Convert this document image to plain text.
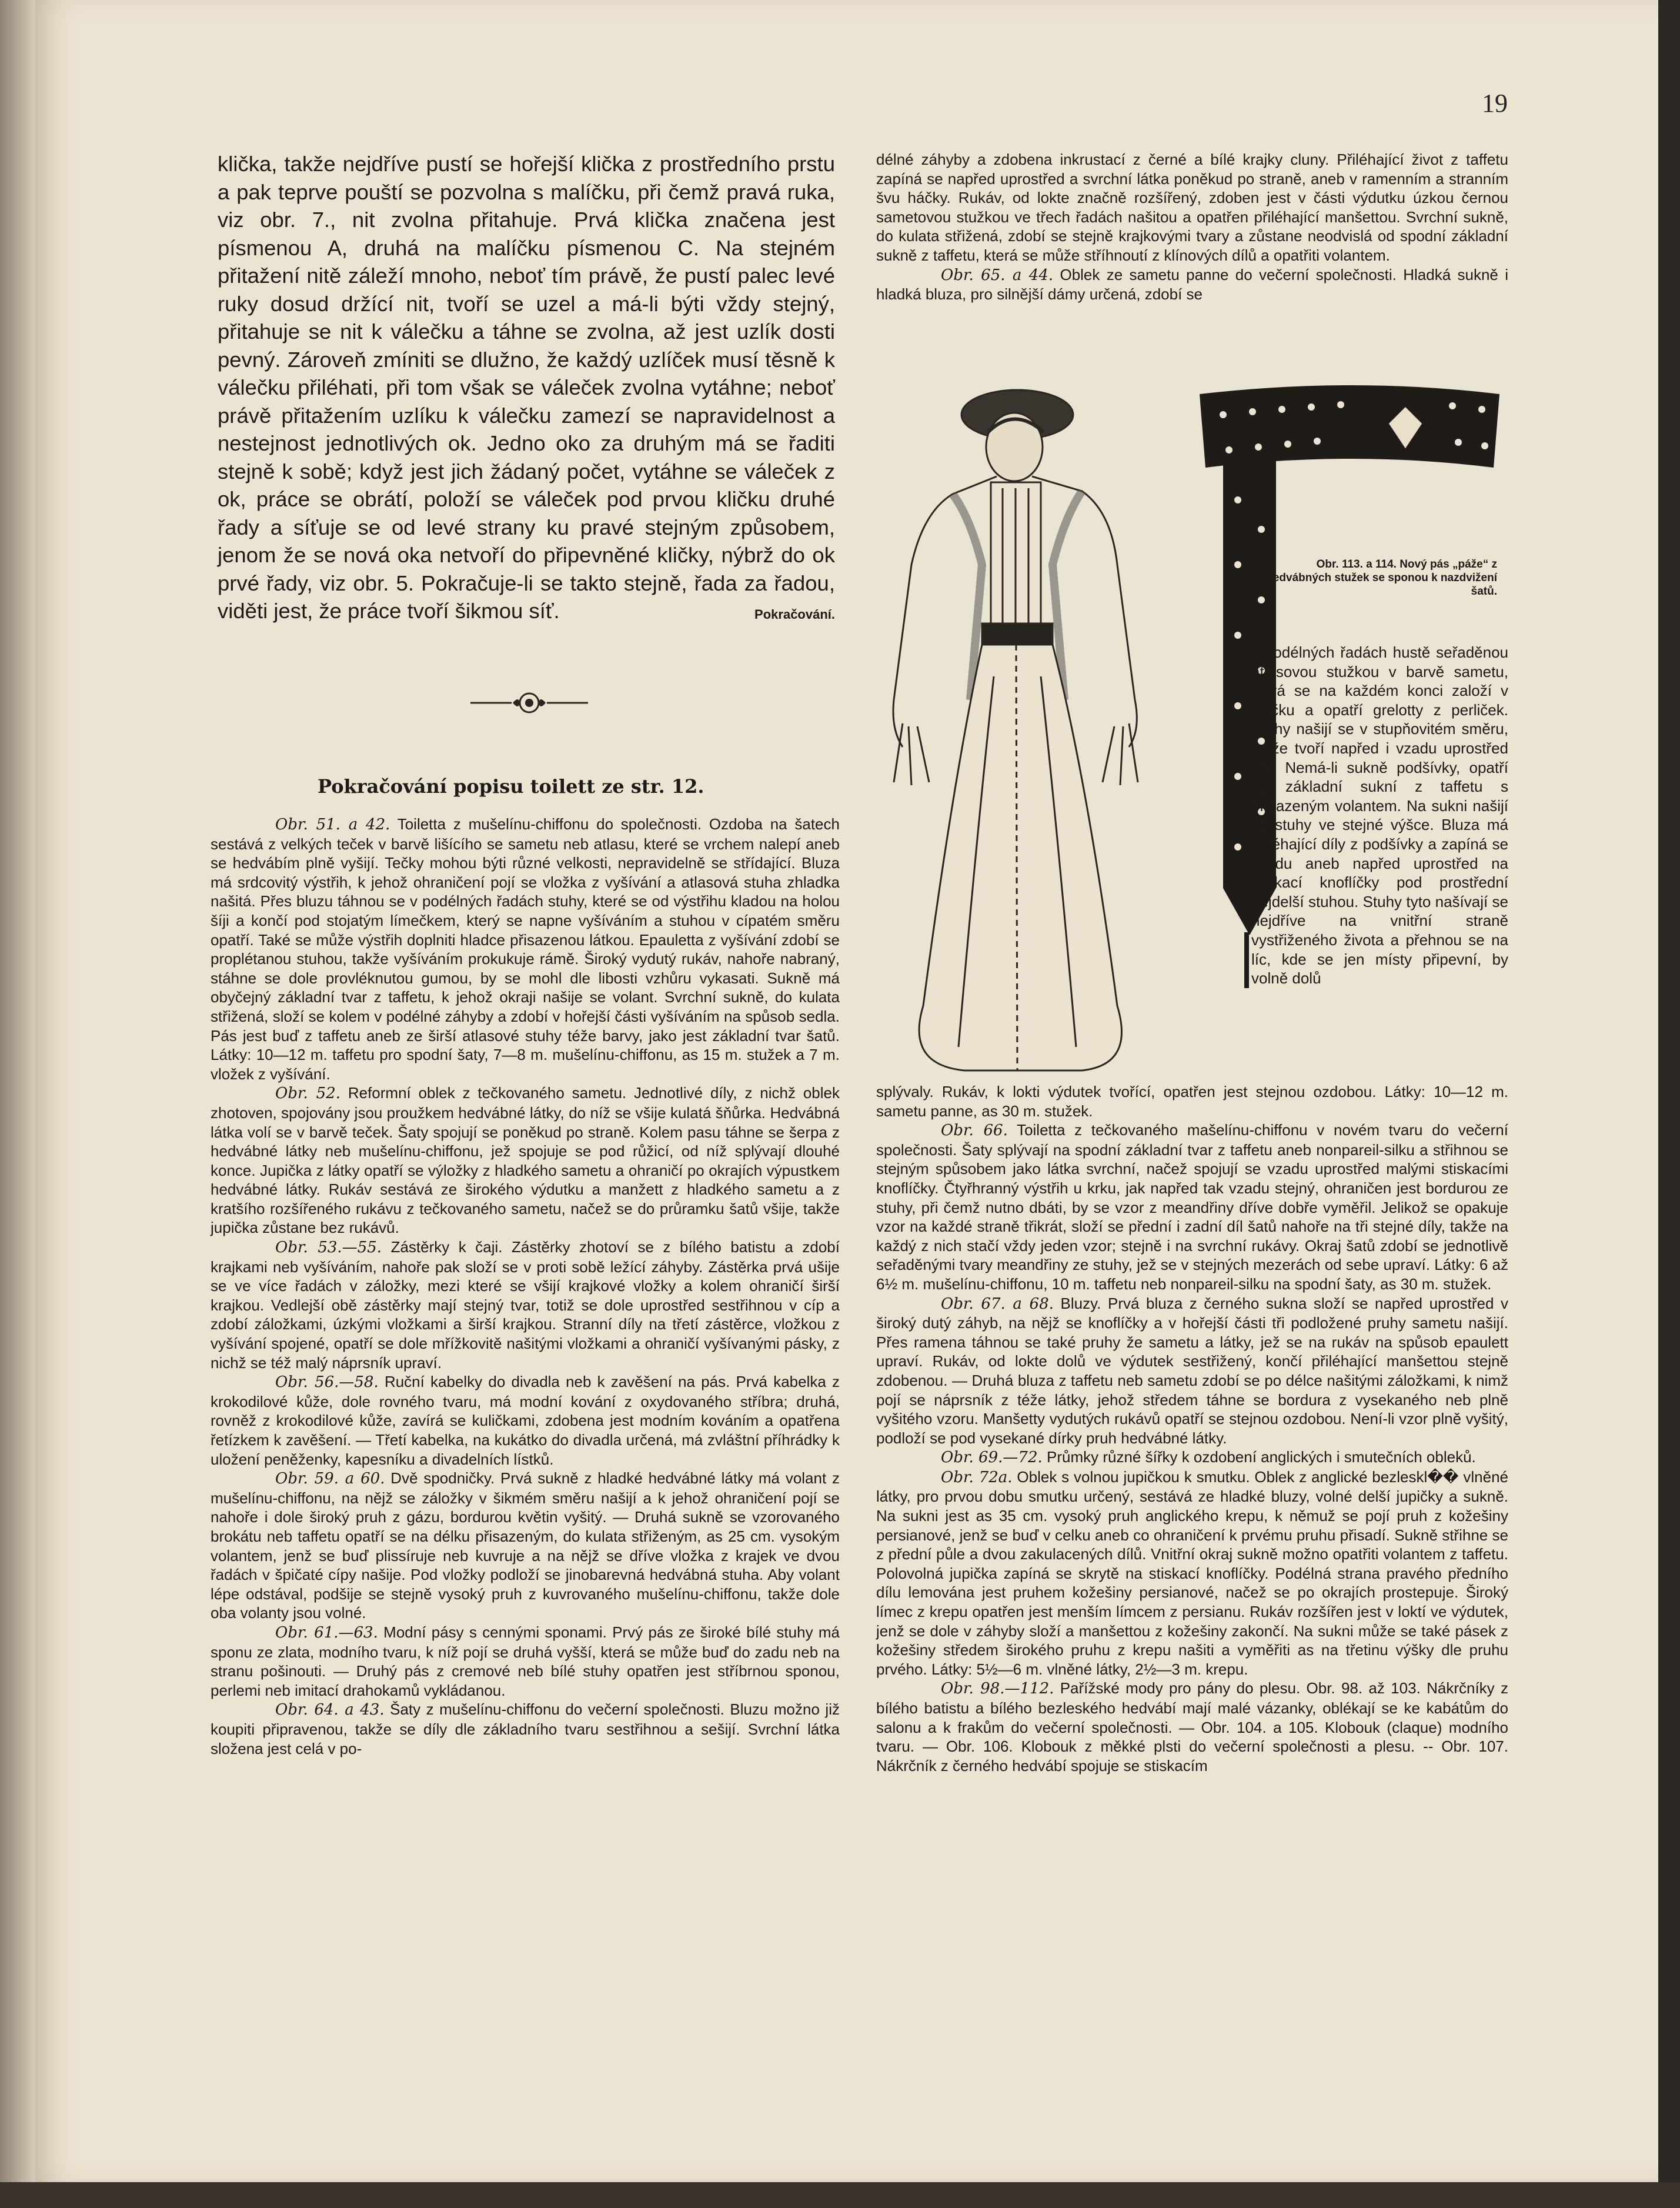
19

klička, takže nejdříve pustí se hořejší klička z prostředního prstu a pak teprve pouští se pozvolna s malíčku, při čemž pravá ruka, viz obr. 7., nit zvolna přitahuje. Prvá klička značena jest písmenou A, druhá na malíčku písmenou C. Na stejném přitažení nitě záleží mnoho, neboť tím právě, že pustí palec levé ruky dosud držící nit, tvoří se uzel a má-li býti vždy stejný, přitahuje se nit k válečku a táhne se zvolna, až jest uzlík dosti pevný. Zároveň zmíniti se dlužno, že každý uzlíček musí těsně k válečku přiléhati, při tom však se váleček zvolna vytáhne; neboť právě přitažením uzlíku k válečku zamezí se napravidelnost a nestejnost jednotlivých ok. Jedno oko za druhým má se řaditi stejně k sobě; když jest jich žádaný počet, vytáhne se váleček z ok, práce se obrátí, položí se váleček pod prvou kličku druhé řady a síťuje se od levé strany ku pravé stejným způsobem, jenom že se nová oka netvoří do připevněné kličky, nýbrž do ok prvé řady, viz obr. 5. Pokračuje-li se takto stejně, řada za řadou, viděti jest, že práce tvoří šikmou síť.	Pokračování.

Pokračování popisu toilett ze str. 12.

Obr. 51. a 42. Toiletta z mušelínu-chiffonu do společnosti. Ozdoba na šatech sestává z velkých teček v barvě lišícího se sametu neb atlasu, které se vrchem nalepí aneb se hedvábím plně vyšijí. Tečky mohou býti různé velkosti, nepravidelně se střídající. Bluza má srdcovitý výstřih, k jehož ohraničení pojí se vložka z vyšívání a atlasová stuha zhladka našitá. Přes bluzu táhnou se v podélných řadách stuhy, které se od výstřihu kladou na holou šíji a končí pod stojatým límečkem, který se napne vyšíváním a stuhou v cípatém směru opatří. Také se může výstřih doplniti hladce přisazenou látkou. Epauletta z vyšívání zdobí se proplétanou stuhou, takže vyšíváním prokukuje rámě. Široký vydutý rukáv, nahoře nabraný, stáhne se dole provléknutou gumou, by se mohl dle libosti vzhůru vykasati. Sukně má obyčejný základní tvar z taffetu, k jehož okraji našije se volant. Svrchní sukně, do kulata střižená, složí se kolem v podélné záhyby a zdobí v hořejší části vyšíváním na spůsob sedla. Pás jest buď z taffetu aneb ze širší atlasové stuhy téže barvy, jako jest základní tvar šatů. Látky: 10—12 m. taffetu pro spodní šaty, 7—8 m. mušelínu-chiffonu, as 15 m. stužek a 7 m. vložek z vyšívání.

Obr. 52. Reformní oblek z tečkovaného sametu. Jednotlivé díly, z nichž oblek zhotoven, spojovány jsou proužkem hedvábné látky, do níž se všije kulatá šňůrka. Hedvábná látka volí se v barvě teček. Šaty spojují se poněkud po straně. Kolem pasu táhne se šerpa z hedvábné látky neb mušelínu-chiffonu, jež spojuje se pod růžicí, od níž splývají dlouhé konce. Jupička z látky opatří se výložky z hladkého sametu a ohraničí po okrajích výpustkem hedvábné látky. Rukáv sestává ze širokého výdutku a manžett z hladkého sametu a z kratšího rozšířeného rukávu z tečkovaného sametu, načež se do průramku šatů všije, takže jupička zůstane bez rukávů.

Obr. 53.—55. Zástěrky k čaji. Zástěrky zhotoví se z bílého batistu a zdobí krajkami neb vyšíváním, nahoře pak složí se v proti sobě ležící záhyby. Zástěrka prvá ušije se ve více řadách v záložky, mezi které se všijí krajkové vložky a kolem ohraničí širší krajkou. Vedlejší obě zástěrky mají stejný tvar, totiž se dole uprostřed sestřihnou v cíp a zdobí záložkami, úzkými vložkami a širší krajkou. Stranní díly na třetí zástěrce, vložkou z vyšívání spojené, opatří se dole mřížkovitě našitými vložkami a ohraničí vyšívanými pásky, z nichž se též malý náprsník upraví.

Obr. 56.—58. Ruční kabelky do divadla neb k zavěšení na pás. Prvá kabelka z krokodilové kůže, dole rovného tvaru, má modní kování z oxydovaného stříbra; druhá, rovněž z krokodilové kůže, zavírá se kuličkami, zdobena jest modním kováním a opatřena řetízkem k zavěšení. — Třetí kabelka, na kukátko do divadla určená, má zvláštní příhrádky k uložení peněženky, kapesníku a divadelních lístků.

Obr. 59. a 60. Dvě spodničky. Prvá sukně z hladké hedvábné látky má volant z mušelínu-chiffonu, na nějž se záložky v šikmém směru našijí a k jehož ohraničení pojí se nahoře i dole široký pruh z gázu, bordurou květin vyšitý. — Druhá sukně se vzorovaného brokátu neb taffetu opatří se na délku přisazeným, do kulata střiženým, as 25 cm. vysokým volantem, jenž se buď plissíruje neb kuvruje a na nějž se dříve vložka z krajek ve dvou řadách v špičaté cípy našije. Pod vložky podloží se jinobarevná hedvábná stuha. Aby volant lépe odstával, podšije se stejně vysoký pruh z kuvrovaného mušelínu-chiffonu, takže dole oba volanty jsou volné.

Obr. 61.—63. Modní pásy s cennými sponami. Prvý pás ze široké bílé stuhy má sponu ze zlata, modního tvaru, k níž pojí se druhá vyšší, která se může buď do zadu neb na stranu pošinouti. — Druhý pás z cremové neb bílé stuhy opatřen jest stříbrnou sponou, perlemi neb imitací drahokamů vykládanou.

Obr. 64. a 43. Šaty z mušelínu-chiffonu do večerní společnosti. Bluzu možno již koupiti připravenou, takže se díly dle základního tvaru sestřihnou a sešijí. Svrchní látka složena jest celá v po-

délné záhyby a zdobena inkrustací z černé a bílé krajky cluny. Přiléhající život z taffetu zapíná se napřed uprostřed a svrchní látka poněkud po straně, aneb v ramenním a stranním švu háčky. Rukáv, od lokte značně rozšířený, zdoben jest v části výdutku úzkou černou sametovou stužkou ve třech řadách našitou a opatřen přiléhající manšettou. Svrchní sukně, do kulata střižená, zdobí se stejně krajkovými tvary a zůstane neodvislá od spodní základní sukně z taffetu, která se může stříhnoutí z klínových dílů a opatřiti volantem.

Obr. 65. a 44. Oblek ze sametu panne do večerní společnosti. Hladká sukně i hladká bluza, pro silnější dámy určená, zdobí se

Obr. 113. a 114. Nový pás „páže“ z hedvábných stužek se sponou k nazdvižení šatů.

v podélných řadách hustě seřaděnou atlasovou stužkou v barvě sametu, která se na každém konci založí v špičku a opatří grelotty z perliček. Stuhy našijí se v stupňovitém směru, takže tvoří napřed i vzadu uprostřed cíp. Nemá-li sukně podšívky, opatří se základní sukní z taffetu s přisazeným volantem. Na sukni našijí se stuhy ve stejné výšce. Bluza má přiléhající díly z podšívky a zapíná se vzadu aneb napřed uprostřed na stiskací knoflíčky pod prostřední nejdelší stuhou. Stuhy tyto našívají se nejdříve na vnitřní straně vystřiženého života a přehnou se na líc, kde se jen místy připevní, by volně dolů

splývaly. Rukáv, k lokti výdutek tvořící, opatřen jest stejnou ozdobou. Látky: 10—12 m. sametu panne, as 30 m. stužek.

Obr. 66. Toiletta z tečkovaného mašelínu-chiffonu v novém tvaru do večerní společnosti. Šaty splývají na spodní základní tvar z taffetu aneb nonpareil-silku a střihnou se stejným spůsobem jako látka svrchní, načež spojují se vzadu uprostřed malými stiskacími knoflíčky. Čtyřhranný výstřih u krku, jak napřed tak vzadu stejný, ohraničen jest bordurou ze stuhy, při čemž nutno dbáti, by se vzor z meandřiny dříve dobře vyměřil. Jelikož se opakuje vzor na každé straně třikrát, složí se přední i zadní díl šatů nahoře na tři stejné díly, takže na každý z nich stačí vždy jeden vzor; stejně i na svrchní rukávy. Okraj šatů zdobí se jednotlivě seřaděnými tvary meandřiny ze stuhy, jež se v stejných mezerách od sebe upraví. Látky: 6 až 6½ m. mušelínu-chiffonu, 10 m. taffetu neb nonpareil-silku na spodní šaty, as 30 m. stužek.

Obr. 67. a 68. Bluzy. Prvá bluza z černého sukna složí se napřed uprostřed v široký dutý záhyb, na nějž se knoflíčky a v hořejší části tři podložené pruhy sametu našijí. Přes ramena táhnou se také pruhy že sametu a látky, jež se na rukáv na spůsob epaulett upraví. Rukáv, od lokte dolů ve výdutek sestřižený, končí přiléhající manšettou stejně zdobenou. — Druhá bluza z taffetu neb sametu zdobí se po délce našitými záložkami, k nimž pojí se náprsník z téže látky, jehož středem táhne se bordura z vysekaného neb plně vyšitého vzoru. Manšetty vydutých rukávů opatří se stejnou ozdobou. Není-li vzor plně vyšitý, podloží se pod vysekané dírky pruh hedvábné látky.

Obr. 69.—72. Průmky různé šířky k ozdobení anglických i smutečních obleků.

Obr. 72a. Oblek s volnou jupičkou k smutku. Oblek z anglické bezleskl�� vlněné látky, pro prvou dobu smutku určený, sestává ze hladké bluzy, volné delší jupičky a sukně. Na sukni jest as 35 cm. vysoký pruh anglického krepu, k němuž se pojí pruh z kožešiny persianové, jenž se buď v celku aneb co ohraničení k prvému pruhu přisadí. Sukně střihne se z přední půle a dvou zakulacených dílů. Vnitřní okraj sukně možno opatřiti volantem z taffetu. Polovolná jupička zapíná se skrytě na stiskací knoflíčky. Podélná strana pravého předního dílu lemována jest pruhem kožešiny persianové, načež se po okrajích prostepuje. Široký límec z krepu opatřen jest menším límcem z persianu. Rukáv rozšířen jest v loktí ve výdutek, jenž se dole v záhyby složí a manšettou z kožešiny zakončí. Na sukni může se také pásek z kožešiny středem širokého pruhu z krepu našiti a vyměřiti as na třetinu výšky dle pruhu prvého. Látky: 5½—6 m. vlněné látky, 2½—3 m. krepu.

Obr. 98.—112. Pařížské mody pro pány do plesu. Obr. 98. až 103. Nákrčníky z bílého batistu a bílého bezleského hedvábí mají malé vázanky, oblékají se ke kabátům do salonu a k frakům do večerní společnosti. — Obr. 104. a 105. Klobouk (claque) modního tvaru. — Obr. 106. Klobouk z měkké plsti do večerní společnosti a plesu. -- Obr. 107. Nákrčník z černého hedvábí spojuje se stiskacím
